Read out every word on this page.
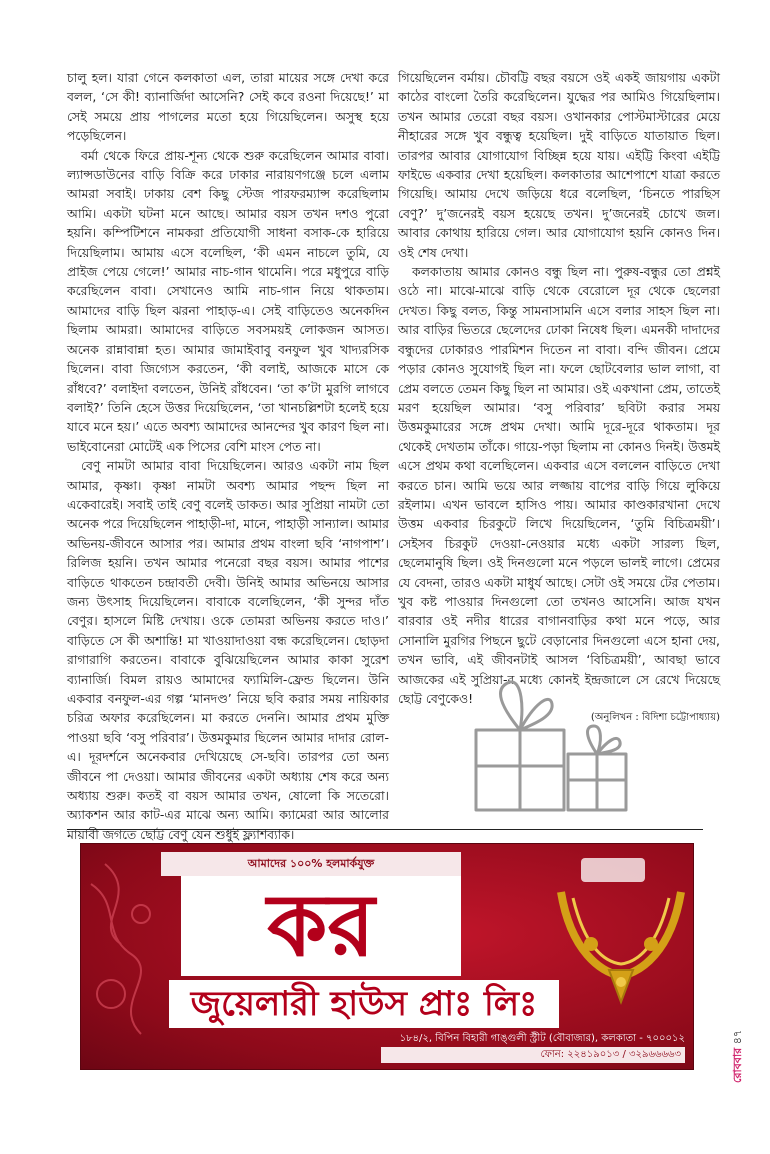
চালু হল। যারা গেনে কলকাতা এল, তারা মায়ের সঙ্গে দেখা করে বলল, ‘সে কী! ব্যানার্জিদা আসেনি? সেই কবে রওনা দিয়েছে!’ মা সেই সময়ে প্রায় পাগলের মতো হয়ে গিয়েছিলেন। অসুস্থ হয়ে পড়েছিলেন।

বর্মা থেকে ফিরে প্রায়-শূন্য থেকে শুরু করেছিলেন আমার বাবা। ল্যান্সডাউনের বাড়ি বিক্রি করে ঢাকার নারায়ণগঞ্জে চলে এলাম আমরা সবাই। ঢাকায় বেশ কিছু স্টেজ পারফরম্যান্স করেছিলাম আমি। একটা ঘটনা মনে আছে। আমার বয়স তখন দশও পুরো হয়নি। কম্পিটিশনে নামকরা প্রতিযোগী সাধনা বসাক-কে হারিয়ে দিয়েছিলাম। আমায় এসে বলেছিল, ‘কী এমন নাচলে তুমি, যে প্রাইজ পেয়ে গেলে!’ আমার নাচ-গান থামেনি। পরে মধুপুরে বাড়ি করেছিলেন বাবা। সেখানেও আমি নাচ-গান নিয়ে থাকতাম। আমাদের বাড়ি ছিল ঝরনা পাহাড়-এ। সেই বাড়িতেও অনেকদিন ছিলাম আমরা। আমাদের বাড়িতে সবসময়ই লোকজন আসত। অনেক রান্নাবান্না হত। আমার জামাইবাবু বনফুল খুব খাদ্যরসিক ছিলেন। বাবা জিগ্যেস করতেন, ‘কী বলাই, আজকে মাসে কে রাঁধবে?’ বলাইদা বলতেন, উনিই রাঁধবেন। ‘তা ক’টা মুরগি লাগবে বলাই?’ তিনি হেসে উত্তর দিয়েছিলেন, ‘তা খানচল্লিশটা হলেই হয়ে যাবে মনে হয়।’ এতে অবশ্য আমাদের আনন্দের খুব কারণ ছিল না। ভাইবোনেরা মোটেই এক পিসের বেশি মাংস পেত না।

বেণু নামটা আমার বাবা দিয়েছিলেন। আরও একটা নাম ছিল আমার, কৃষ্ণা। কৃষ্ণা নামটা অবশ্য আমার পছন্দ ছিল না একেবারেই। সবাই তাই বেণু বলেই ডাকত। আর সুপ্রিয়া নামটা তো অনেক পরে দিয়েছিলেন পাহাড়ী-দা, মানে, পাহাড়ী সান্যাল। আমার অভিনয়-জীবনে আসার পর। আমার প্রথম বাংলা ছবি ‘নাগপাশ’। রিলিজ হয়নি। তখন আমার পনেরো বছর বয়স। আমার পাশের বাড়িতে থাকতেন চন্দ্রাবতী দেবী। উনিই আমার অভিনয়ে আসার জন্য উৎসাহ দিয়েছিলেন। বাবাকে বলেছিলেন, ‘কী সুন্দর দাঁত বেণুর। হাসলে মিষ্টি দেখায়। ওকে তোমরা অভিনয় করতে দাও।’ বাড়িতে সে কী অশান্তি! মা খাওয়াদাওয়া বন্ধ করেছিলেন। ছোড়দা রাগারাগি করতেন। বাবাকে বুঝিয়েছিলেন আমার কাকা সুরেশ ব্যানার্জি। বিমল রায়ও আমাদের ফ্যামিলি-ফ্রেন্ড ছিলেন। উনি একবার বনফুল-এর গল্প ‘মানদণ্ড’ নিয়ে ছবি করার সময় নায়িকার চরিত্র অফার করেছিলেন। মা করতে দেননি। আমার প্রথম মুক্তি পাওয়া ছবি ‘বসু পরিবার’। উত্তমকুমার ছিলেন আমার দাদার রোল-এ। দূরদর্শনে অনেকবার দেখিয়েছে সে-ছবি। তারপর তো অন্য জীবনে পা দেওয়া। আমার জীবনের একটা অধ্যায় শেষ করে অন্য অধ্যায় শুরু। কতই বা বয়স আমার তখন, ষোলো কি সতেরো। অ্যাকশন আর কাট-এর মাঝে অন্য আমি। ক্যামেরা আর আলোর মায়াবী জগতে ছোট্ট বেণু যেন শুধুই ফ্ল্যাশব্যাক।

গিয়েছিলেন বর্মায়। চৌবট্টি বছর বয়সে ওই একই জায়গায় একটা কাঠের বাংলো তৈরি করেছিলেন। যুদ্ধের পর আমিও গিয়েছিলাম। তখন আমার তেরো বছর বয়স। ওখানকার পোস্টমাস্টারের মেয়ে নীহারের সঙ্গে খুব বন্ধুত্ব হয়েছিল। দুই বাড়িতে যাতায়াত ছিল। তারপর আবার যোগাযোগ বিচ্ছিন্ন হয়ে যায়। এইট্টি কিংবা এইট্টি ফাইভে একবার দেখা হয়েছিল। কলকাতার আশেপাশে যাত্রা করতে গিয়েছি। আমায় দেখে জড়িয়ে ধরে বলেছিল, ‘চিনতে পারছিস বেণু?’ দু’জনেরই বয়স হয়েছে তখন। দু’জনেরই চোখে জল। আবার কোথায় হারিয়ে গেল। আর যোগাযোগ হয়নি কোনও দিন। ওই শেষ দেখা।

কলকাতায় আমার কোনও বন্ধু ছিল না। পুরুষ-বন্ধুর তো প্রশ্নই ওঠে না। মাঝে-মাঝে বাড়ি থেকে বেরোলে দূর থেকে ছেলেরা দেখত। কিছু বলত, কিন্তু সামনাসামনি এসে বলার সাহস ছিল না। আর বাড়ির ভিতরে ছেলেদের ঢোকা নিষেধ ছিল। এমনকী দাদাদের বন্ধুদের ঢোকারও পারমিশন দিতেন না বাবা। বন্দি জীবন। প্রেমে পড়ার কোনও সুযোগই ছিল না। ফলে ছোটবেলার ভাল লাগা, বা প্রেম বলতে তেমন কিছু ছিল না আমার। ওই একখানা প্রেম, তাতেই মরণ হয়েছিল আমার। ‘বসু পরিবার’ ছবিটা করার সময় উত্তমকুমারের সঙ্গে প্রথম দেখা। আমি দূরে-দূরে থাকতাম। দূর থেকেই দেখতাম তাঁকে। গায়ে-পড়া ছিলাম না কোনও দিনই। উত্তমই এসে প্রথম কথা বলেছিলেন। একবার এসে বললেন বাড়িতে দেখা করতে চান। আমি ভয়ে আর লজ্জায় বাপের বাড়ি গিয়ে লুকিয়ে রইলাম। এখন ভাবলে হাসিও পায়। আমার কাণ্ডকারখানা দেখে উত্তম একবার চিরকুটে লিখে দিয়েছিলেন, ‘তুমি বিচিত্রময়ী’। সেইসব চিরকুট দেওয়া-নেওয়ার মধ্যে একটা সারল্য ছিল, ছেলেমানুষি ছিল। ওই দিনগুলো মনে পড়লে ভালই লাগে। প্রেমের যে বেদনা, তারও একটা মাধুর্য আছে। সেটা ওই সময়ে টের পেতাম। খুব কষ্ট পাওয়ার দিনগুলো তো তখনও আসেনি। আজ যখন বারবার ওই নদীর ধারের বাগানবাড়ির কথা মনে পড়ে, আর সোনালি মুরগির পিছনে ছুটে বেড়ানোর দিনগুলো এসে হানা দেয়, তখন ভাবি, এই জীবনটাই আসল ‘বিচিত্রময়ী’, আবছা ভাবে আজকের এই সুপ্রিয়া-র মধ্যে কোনই ইন্দ্রজালে সে রেখে দিয়েছে ছোট্ট বেণুকেও!

(অনুলিখন : বিদিশা চট্টোপাধ্যায়)

আমাদের ১০০% হলমার্কযুক্ত
কর
জুয়েলারী হাউস প্রাঃ লিঃ
১৮৪/২, বিপিন বিহারী গাঙ্গুলী স্ট্রীট (বৌবাজার), কলকাতা - ৭০০০১২
ফোন: ২২৪১৯০১৩ / ৩২৯৬৬৬৬৩	রোববার ৪৭
